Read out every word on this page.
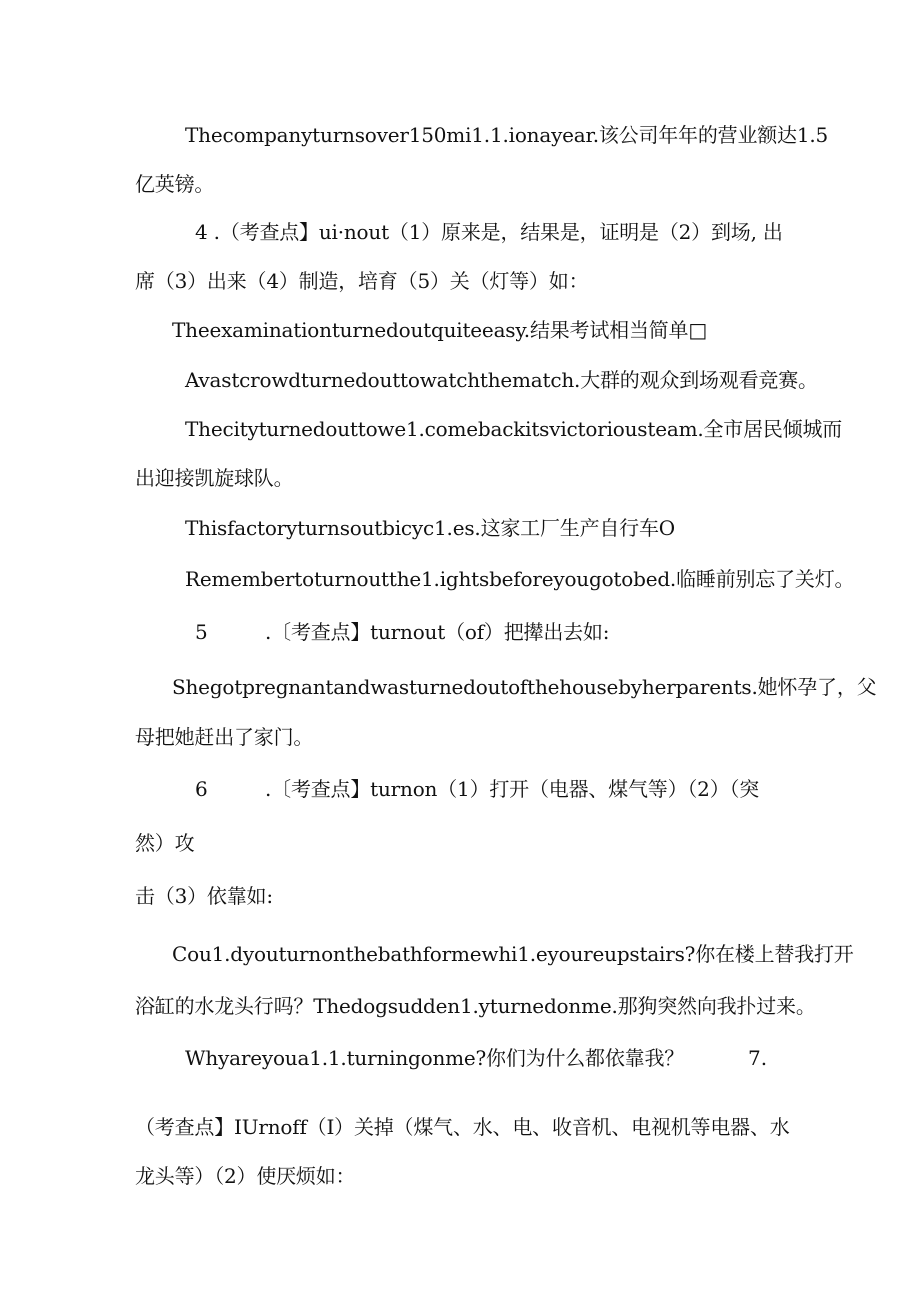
Thecompanyturnsover150mi1.1.ionayear.该公司年年的营业额达1.5
亿英镑。
4 .（考查点】ui·nout（1）原来是，结果是，证明是（2）到场, 出
席（3）出来（4）制造，培育（5）关（灯等）如：
Theexaminationturnedoutquiteeasy.结果考试相当简单□
Avastcrowdturnedouttowatchthematch.大群的观众到场观看竞赛。
Thecityturnedouttowe1.comebackitsvictoriousteam.全市居民倾城而
出迎接凯旋球队。
Thisfactoryturnsoutbicyc1.es.这家工厂生产自行车O
Remembertoturnoutthe1.ightsbeforeyougotobed.临睡前别忘了关灯。
5	.〔考查点】turnout（of）把撵出去如:
Shegotpregnantandwasturnedoutofthehousebyherparents.她怀孕了，父
母把她赶出了家门。
6	.〔考查点】turnon（1）打开（电器、煤气等）（2）（突
然）攻
击（3）依靠如:
Cou1.dyouturnonthebathformewhi1.eyoureupstairs?你在楼上替我打开
浴缸的水龙头行吗？Thedogsudden1.yturnedonme.那狗突然向我扑过来。
Whyareyoua1.1.turningonme?你们为什么都依靠我？	7.
（考查点】IUrnoff（I）关掉（煤气、水、电、收音机、电视机等电器、水
龙头等）（2）使厌烦如：
